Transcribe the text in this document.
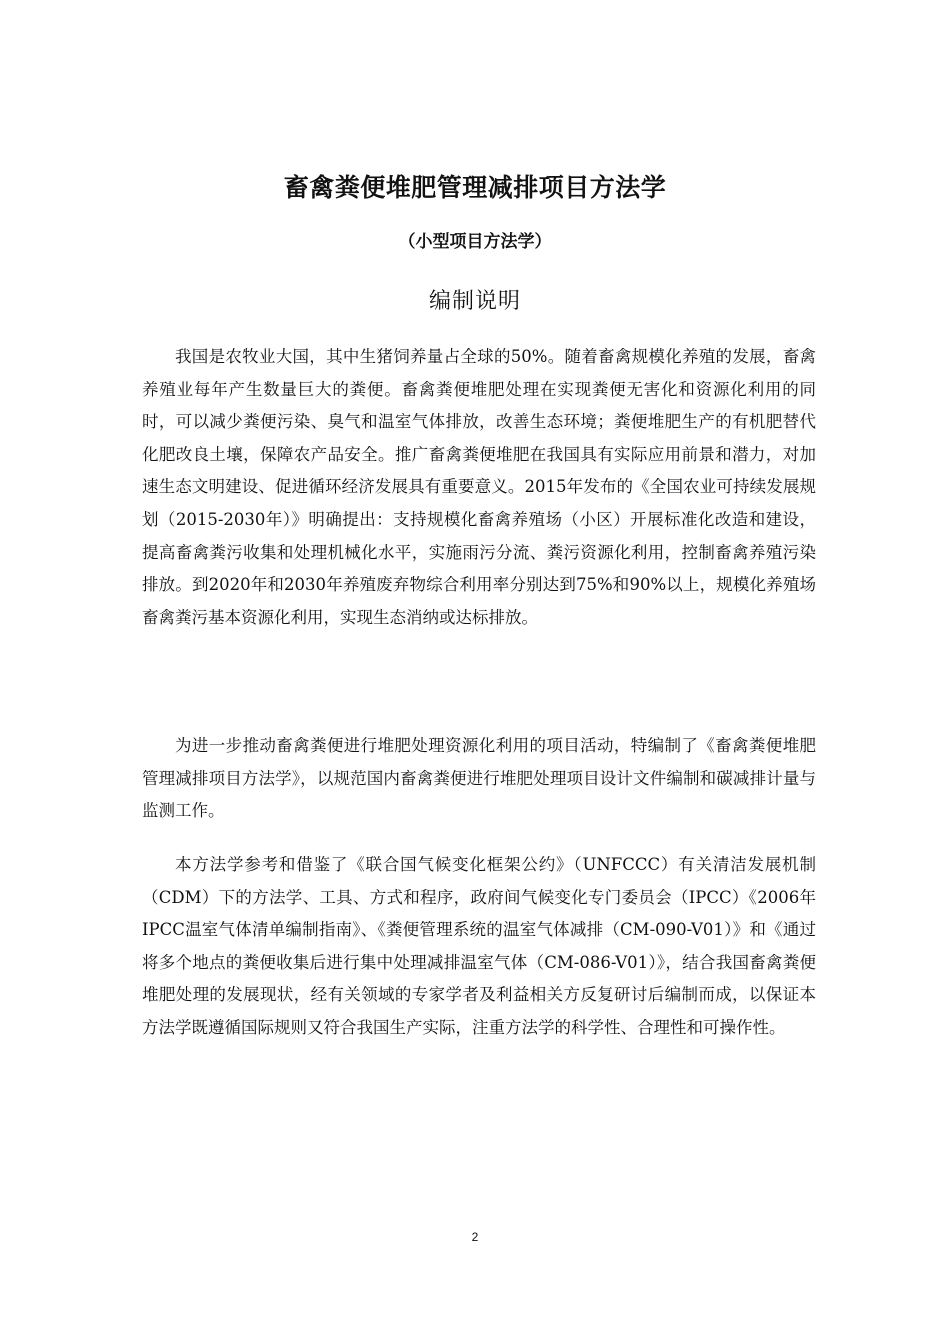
畜禽粪便堆肥管理减排项目方法学
（小型项目方法学）
编制说明

我国是农牧业大国，其中生猪饲养量占全球的50%。随着畜禽规模化养殖的发展，畜禽养殖业每年产生数量巨大的粪便。畜禽粪便堆肥处理在实现粪便无害化和资源化利用的同时，可以减少粪便污染、臭气和温室气体排放，改善生态环境；粪便堆肥生产的有机肥替代化肥改良土壤，保障农产品安全。推广畜禽粪便堆肥在我国具有实际应用前景和潜力，对加速生态文明建设、促进循环经济发展具有重要意义。2015年发布的《全国农业可持续发展规划（2015-2030年）》明确提出：支持规模化畜禽养殖场（小区）开展标准化改造和建设，提高畜禽粪污收集和处理机械化水平，实施雨污分流、粪污资源化利用，控制畜禽养殖污染排放。到2020年和2030年养殖废弃物综合利用率分别达到75%和90%以上，规模化养殖场畜禽粪污基本资源化利用，实现生态消纳或达标排放。

为进一步推动畜禽粪便进行堆肥处理资源化利用的项目活动，特编制了《畜禽粪便堆肥管理减排项目方法学》，以规范国内畜禽粪便进行堆肥处理项目设计文件编制和碳减排计量与监测工作。

本方法学参考和借鉴了《联合国气候变化框架公约》（UNFCCC）有关清洁发展机制（CDM）下的方法学、工具、方式和程序，政府间气候变化专门委员会（IPCC）《2006年IPCC温室气体清单编制指南》、《粪便管理系统的温室气体减排（CM-090-V01）》和《通过将多个地点的粪便收集后进行集中处理减排温室气体（CM-086-V01）》，结合我国畜禽粪便堆肥处理的发展现状，经有关领域的专家学者及利益相关方反复研讨后编制而成，以保证本方法学既遵循国际规则又符合我国生产实际，注重方法学的科学性、合理性和可操作性。

2
